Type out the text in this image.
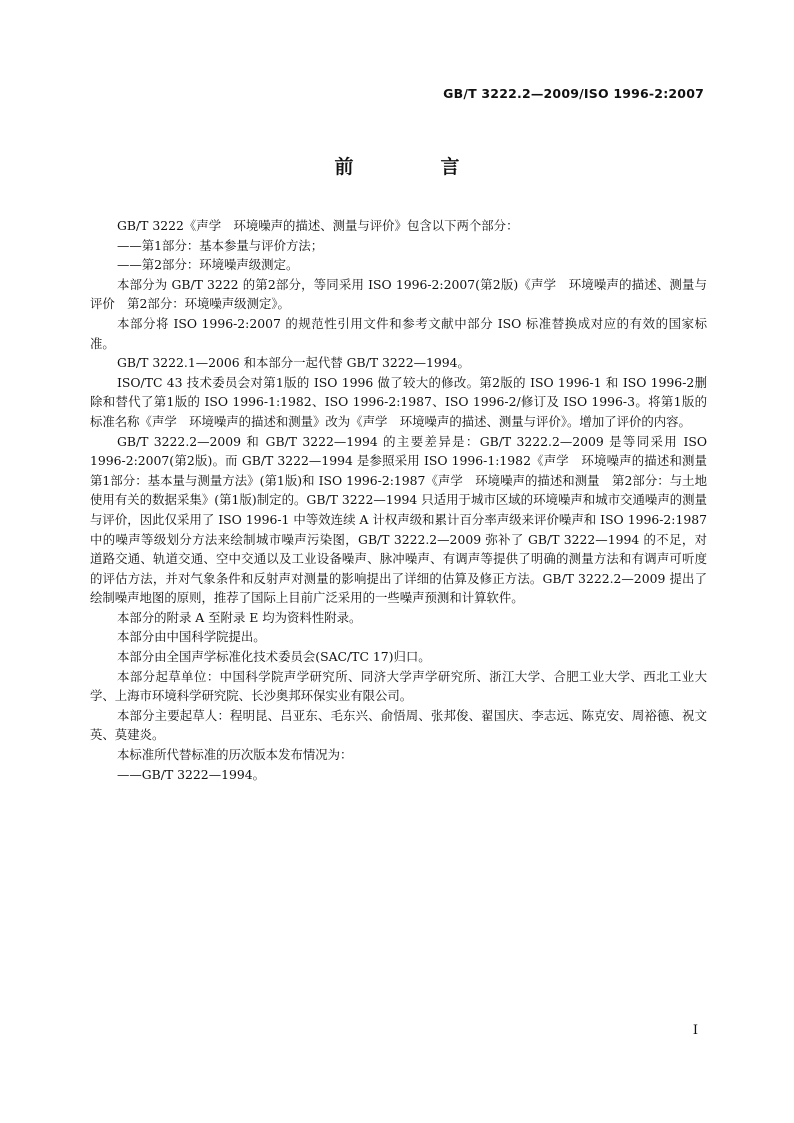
GB/T 3222.2—2009/ISO 1996-2:2007
前　言

GB/T 3222《声学　环境噪声的描述、测量与评价》包含以下两个部分：

——第1部分：基本参量与评价方法；

——第2部分：环境噪声级测定。

本部分为 GB/T 3222 的第2部分，等同采用 ISO 1996-2:2007(第2版)《声学　环境噪声的描述、测量与评价　第2部分：环境噪声级测定》。

本部分将 ISO 1996-2:2007 的规范性引用文件和参考文献中部分 ISO 标准替换成对应的有效的国家标准。

GB/T 3222.1—2006 和本部分一起代替 GB/T 3222—1994。

ISO/TC 43 技术委员会对第1版的 ISO 1996 做了较大的修改。第2版的 ISO 1996-1 和 ISO 1996-2删除和替代了第1版的 ISO 1996-1:1982、ISO 1996-2:1987、ISO 1996-2/修订及 ISO 1996-3。将第1版的标准名称《声学　环境噪声的描述和测量》改为《声学　环境噪声的描述、测量与评价》。增加了评价的内容。

GB/T 3222.2—2009 和 GB/T 3222—1994 的主要差异是：GB/T 3222.2—2009 是等同采用 ISO 1996-2:2007(第2版)。而 GB/T 3222—1994 是参照采用 ISO 1996-1:1982《声学　环境噪声的描述和测量　第1部分：基本量与测量方法》(第1版)和 ISO 1996-2:1987《声学　环境噪声的描述和测量　第2部分：与土地使用有关的数据采集》(第1版)制定的。GB/T 3222—1994 只适用于城市区域的环境噪声和城市交通噪声的测量与评价，因此仅采用了 ISO 1996-1 中等效连续 A 计权声级和累计百分率声级来评价噪声和 ISO 1996-2:1987 中的噪声等级划分方法来绘制城市噪声污染图，GB/T 3222.2—2009 弥补了 GB/T 3222—1994 的不足，对道路交通、轨道交通、空中交通以及工业设备噪声、脉冲噪声、有调声等提供了明确的测量方法和有调声可听度的评估方法，并对气象条件和反射声对测量的影响提出了详细的估算及修正方法。GB/T 3222.2—2009 提出了绘制噪声地图的原则，推荐了国际上目前广泛采用的一些噪声预测和计算软件。

本部分的附录 A 至附录 E 均为资料性附录。

本部分由中国科学院提出。

本部分由全国声学标准化技术委员会(SAC/TC 17)归口。

本部分起草单位：中国科学院声学研究所、同济大学声学研究所、浙江大学、合肥工业大学、西北工业大学、上海市环境科学研究院、长沙奥邦环保实业有限公司。

本部分主要起草人：程明昆、吕亚东、毛东兴、俞悟周、张邦俊、翟国庆、李志远、陈克安、周裕德、祝文英、莫建炎。

本标准所代替标准的历次版本发布情况为：

——GB/T 3222—1994。

I
